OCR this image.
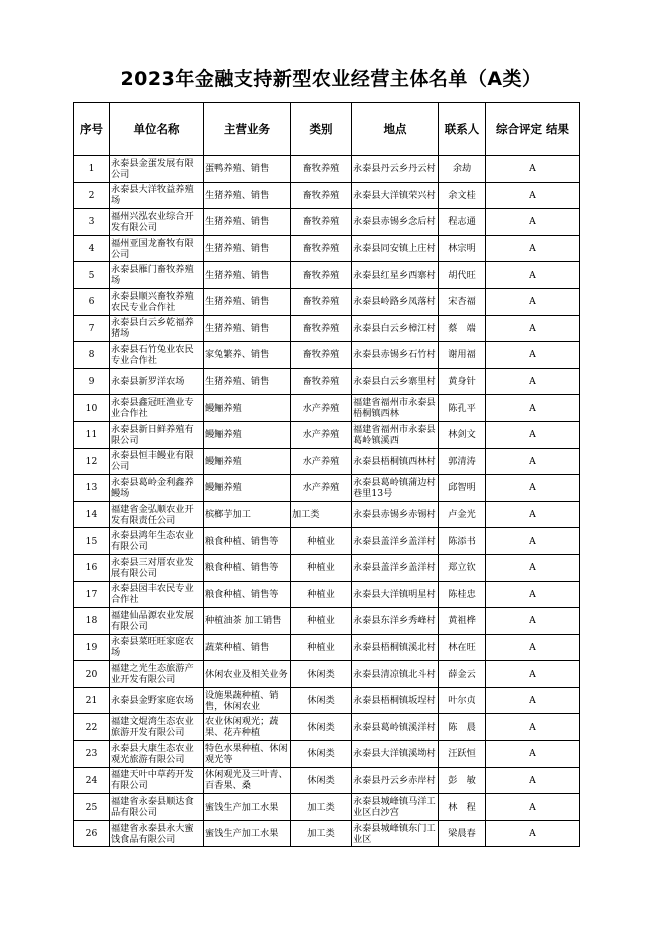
2023年金融支持新型农业经营主体名单（A类）
序号	单位名称	主营业务	类别	地点	联系人	综合评定 结果
1	永泰县金蛋发展有限公司	蛋鸭养殖、销售	畜牧养殖	永泰县丹云乡丹云村	余劫	A
2	永泰县大洋牧益养殖场	生猪养殖、销售	畜牧养殖	永泰县大洋镇荣兴村	余文桂	A
3	福州兴泓农业综合开发有限公司	生猪养殖、销售	畜牧养殖	永泰县赤锡乡念后村	程志通	A
4	福州亚国龙畜牧有限公司	生猪养殖、销售	畜牧养殖	永泰县同安镇上庄村	林宗明	A
5	永泰县雁门畜牧养殖场	生猪养殖、销售	畜牧养殖	永泰县红星乡西寨村	胡代旺	A
6	永泰县顺兴畜牧养殖农民专业合作社	生猪养殖、销售	畜牧养殖	永泰县岭路乡凤落村	宋杏福	A
7	永泰县白云乡乾福养猪场	生猪养殖、销售	畜牧养殖	永泰县白云乡樟江村	蔡　端	A
8	永泰县石竹兔业农民专业合作社	家兔繁养、销售	畜牧养殖	永泰县赤锡乡石竹村	谢用福	A
9	永泰县新罗洋农场	生猪养殖、销售	畜牧养殖	永泰县白云乡寨里村	黄身针	A
10	永泰县鑫冠旺渔业专业合作社	鳗鲡养殖	水产养殖	福建省福州市永泰县梧桐镇西林	陈孔平	A
11	永泰县新日鲜养殖有限公司	鳗鲡养殖	水产养殖	福建省福州市永泰县葛岭镇溪西	林剑文	A
12	永泰县恒丰鳗业有限公司	鳗鲡养殖	水产养殖	永泰县梧桐镇西林村	郭清涛	A
13	永泰县葛岭金利鑫养鳗场	鳗鲡养殖	水产养殖	永泰县葛岭镇蒲边村巷里13号	邱智明	A
14	福建省金弘顺农业开发有限责任公司	槟榔芋加工	加工类	永泰县赤锡乡赤锡村	卢金光	A
15	永泰县鸿年生态农业有限公司	粮食种植、销售等	种植业	永泰县盖洋乡盖洋村	陈添书	A
16	永泰县三对厝农业发展有限公司	粮食种植、销售等	种植业	永泰县盖洋乡盖洋村	郑立钦	A
17	永泰县园丰农民专业合作社	粮食种植、销售等	种植业	永泰县大洋镇明星村	陈桂忠	A
18	福建仙品源农业发展有限公司	种植油茶 加工销售	种植业	永泰县东洋乡秀峰村	黄祖桦	A
19	永泰县菜旺旺家庭农场	蔬菜种植、销售	种植业	永泰县梧桐镇溪北村	林在旺	A
20	福建之光生态旅游产业开发有限公司	休闲农业及相关业务	休闲类	永泰县清凉镇北斗村	薛金云	A
21	永泰县金野家庭农场	设施果蔬种植、销售，休闲农业	休闲类	永泰县梧桐镇坂埕村	叶尔贞	A
22	福建文焜湾生态农业旅游开发有限公司	农业休闲观光；蔬果、花卉种植	休闲类	永泰县葛岭镇溪洋村	陈　晨	A
23	永泰县大康生态农业观光旅游有限公司	特色水果种植、休闲观光等	休闲类	永泰县大洋镇溪坳村	汪跃恒	A
24	福建天叶中草药开发有限公司	休闲观光及三叶青、百香果、桑	休闲类	永泰县丹云乡赤岸村	彭　敏	A
25	福建省永泰县顺达食品有限公司	蜜饯生产加工水果	加工类	永泰县城峰镇马洋工业区白沙宫	林　程	A
26	福建省永泰县永大蜜饯食品有限公司	蜜饯生产加工水果	加工类	永泰县城峰镇东门工业区	梁晨春	A
